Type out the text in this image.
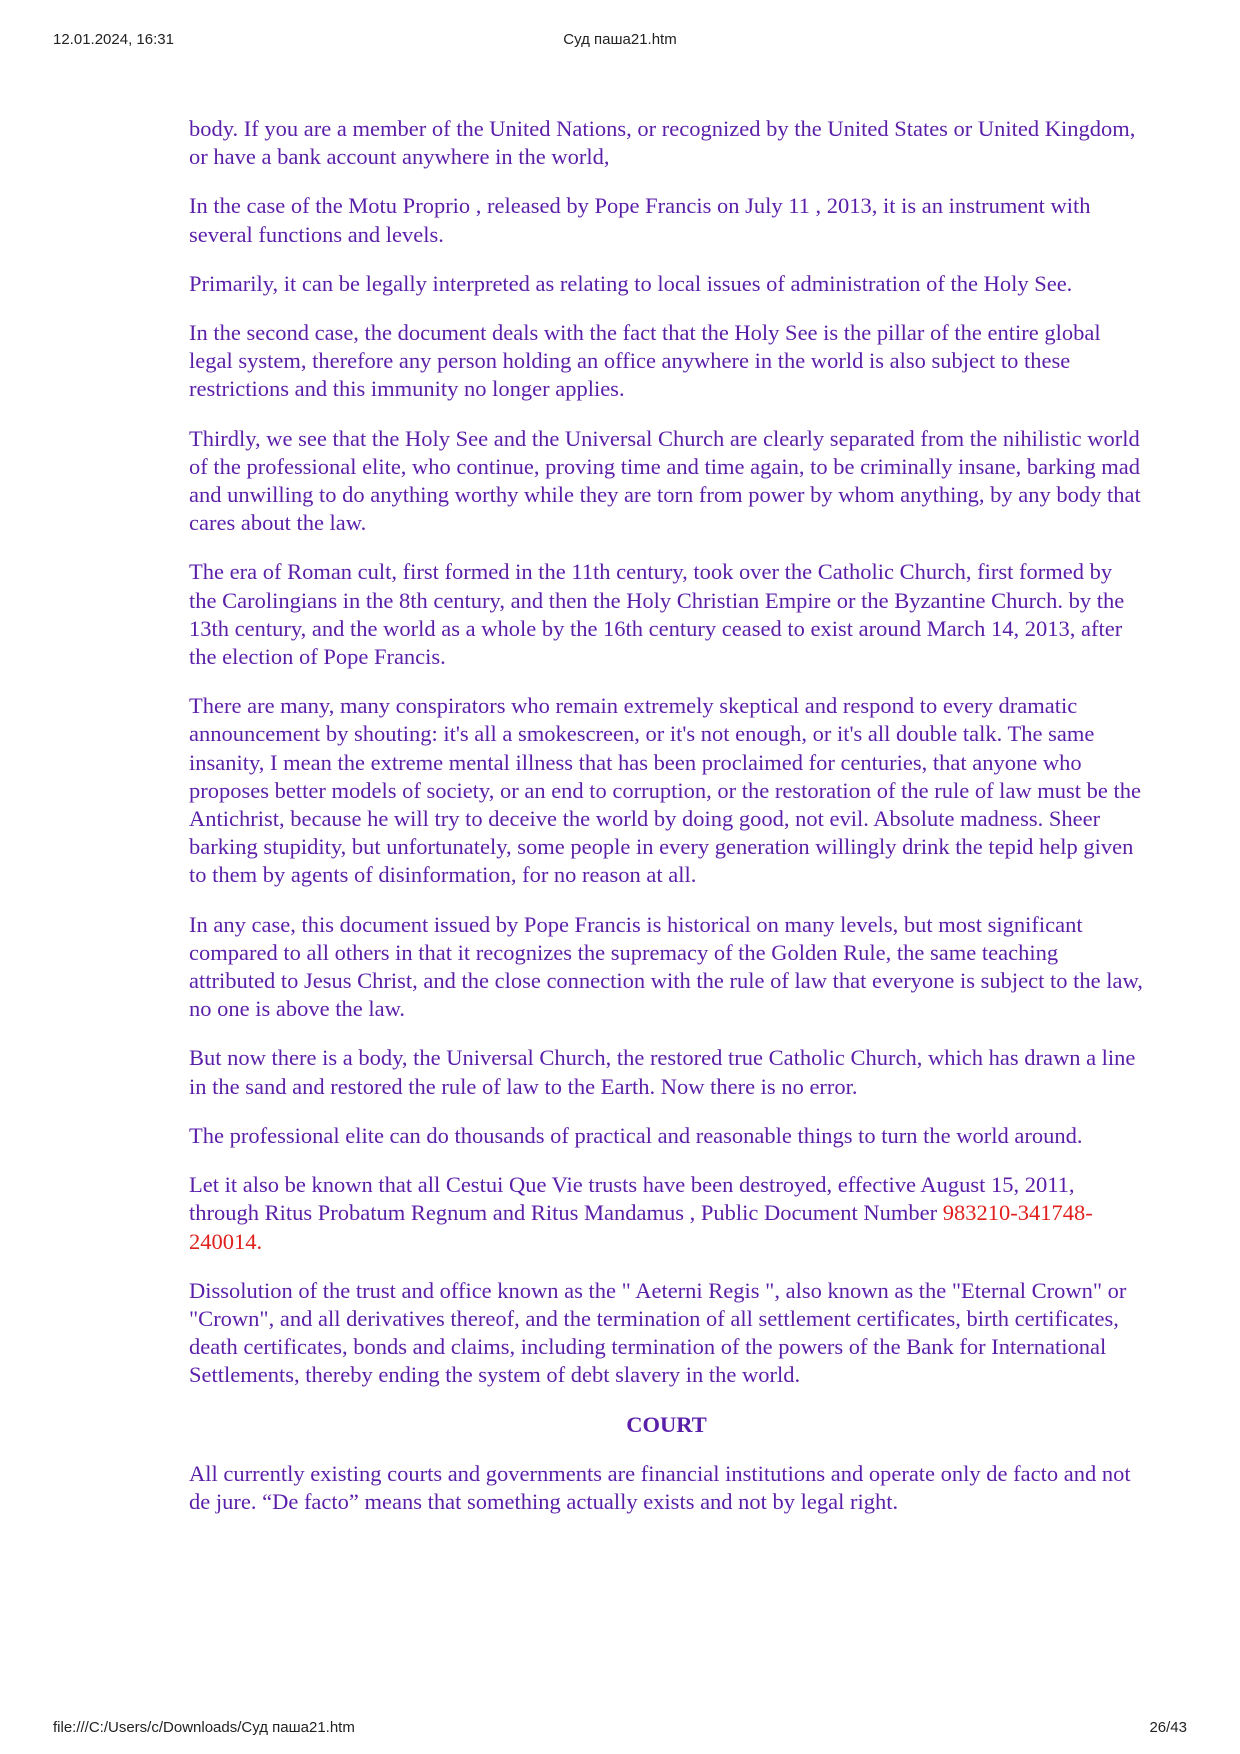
12.01.2024, 16:31	Суд паша21.htm

body. If you are a member of the United Nations, or recognized by the United States or United Kingdom, or have a bank account anywhere in the world,

In the case of the Motu Proprio , released by Pope Francis on July 11 , 2013, it is an instrument with several functions and levels.

Primarily, it can be legally interpreted as relating to local issues of administration of the Holy See.

In the second case, the document deals with the fact that the Holy See is the pillar of the entire global legal system, therefore any person holding an office anywhere in the world is also subject to these restrictions and this immunity no longer applies.

Thirdly, we see that the Holy See and the Universal Church are clearly separated from the nihilistic world of the professional elite, who continue, proving time and time again, to be criminally insane, barking mad and unwilling to do anything worthy while they are torn from power by whom anything, by any body that cares about the law.

The era of Roman cult, first formed in the 11th century, took over the Catholic Church, first formed by the Carolingians in the 8th century, and then the Holy Christian Empire or the Byzantine Church. by the 13th century, and the world as a whole by the 16th century ceased to exist around March 14, 2013, after the election of Pope Francis.

There are many, many conspirators who remain extremely skeptical and respond to every dramatic announcement by shouting: it's all a smokescreen, or it's not enough, or it's all double talk. The same insanity, I mean the extreme mental illness that has been proclaimed for centuries, that anyone who proposes better models of society, or an end to corruption, or the restoration of the rule of law must be the Antichrist, because he will try to deceive the world by doing good, not evil. Absolute madness. Sheer barking stupidity, but unfortunately, some people in every generation willingly drink the tepid help given to them by agents of disinformation, for no reason at all.

In any case, this document issued by Pope Francis is historical on many levels, but most significant compared to all others in that it recognizes the supremacy of the Golden Rule, the same teaching attributed to Jesus Christ, and the close connection with the rule of law that everyone is subject to the law, no one is above the law.

But now there is a body, the Universal Church, the restored true Catholic Church, which has drawn a line in the sand and restored the rule of law to the Earth. Now there is no error.

The professional elite can do thousands of practical and reasonable things to turn the world around.

Let it also be known that all Cestui Que Vie trusts have been destroyed, effective August 15, 2011, through Ritus Probatum Regnum and Ritus Mandamus , Public Document Number 983210-341748-240014.

Dissolution of the trust and office known as the " Aeterni Regis ", also known as the "Eternal Crown" or "Crown", and all derivatives thereof, and the termination of all settlement certificates, birth certificates, death certificates, bonds and claims, including termination of the powers of the Bank for International Settlements, thereby ending the system of debt slavery in the world.

COURT

All currently existing courts and governments are financial institutions and operate only de facto and not de jure. “De facto” means that something actually exists and not by legal right.

file:///C:/Users/c/Downloads/Суд паша21.htm	26/43
